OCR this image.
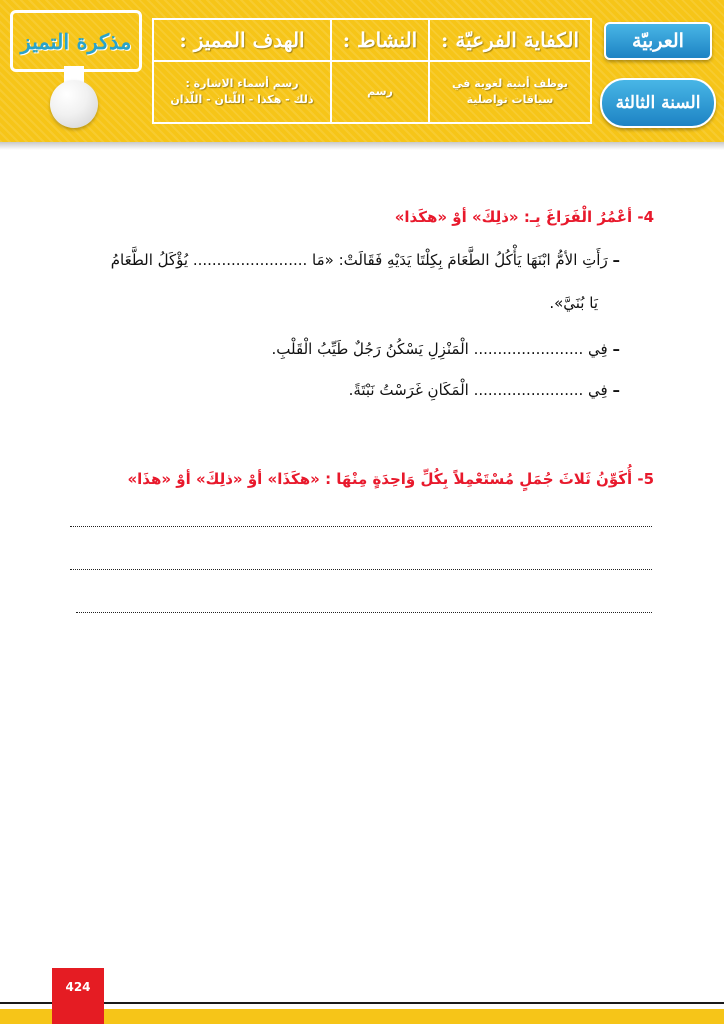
مذكرة التميز	الكفاية الفرعيّة :	النشاط :	الهدف المميز :

يوظف أبنية لغوية في سياقات تواصلية	رسم	رسم أسماء الاشارة :
ذلك - هكذا - اللّتان - اللّذان
العربيّة
السنة الثالثة
4- أعْمُرُ الْفَرَاغَ بِـ: «ذلِكَ» أوْ «هكَذا»
– رَأَتِ الأمُّ ابْنَهَا يَأْكُلُ الطَّعَامَ بِكِلْتَا يَدَيْهِ فَقَالَتْ: «مَا ........................ يُؤْكَلُ الطَّعَامُ
يَا بُنَيَّ».
– فِي ....................... الْمَنْزِلِ يَسْكُنُ رَجُلٌ طَيِّبُ الْقَلْبِ.
– فِي ....................... الْمَكَانِ غَرَسْتُ نَبْتَةً.
5- أُكَوِّنُ ثَلاثَ جُمَلٍ مُسْتَعْمِلاً بِكُلِّ وَاحِدَةٍ مِنْهَا : «هكَذَا» أوْ «ذلِكَ» أوْ «هذَا»
424
